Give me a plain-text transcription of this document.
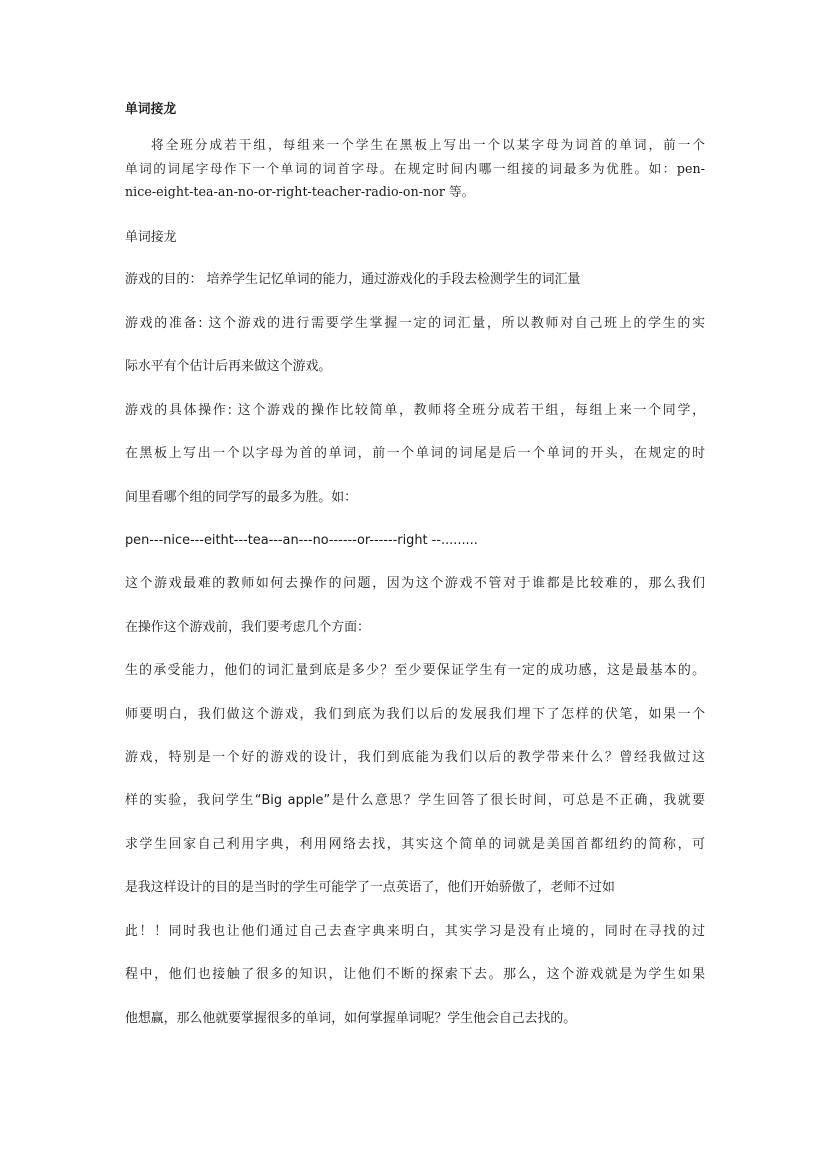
单词接龙
将全班分成若干组，每组来一个学生在黑板上写出一个以某字母为词首的单词，前一个
单词的词尾字母作下一个单词的词首字母。在规定时间内哪一组接的词最多为优胜。如：pen-
nice-eight-tea-an-no-or-right-teacher-radio-on-nor 等。
单词接龙
游戏的目的： 培养学生记忆单词的能力，通过游戏化的手段去检测学生的词汇量
游戏的准备: 这个游戏的进行需要学生掌握一定的词汇量，所以教师对自己班上的学生的实
际水平有个估计后再来做这个游戏。
游戏的具体操作: 这个游戏的操作比较简单，教师将全班分成若干组，每组上来一个同学，
在黑板上写出一个以字母为首的单词，前一个单词的词尾是后一个单词的开头，在规定的时
间里看哪个组的同学写的最多为胜。如：
pen---nice---eitht---tea---an---no------or------right --.........
这个游戏最难的教师如何去操作的问题，因为这个游戏不管对于谁都是比较难的，那么我们
在操作这个游戏前，我们要考虑几个方面：
生的承受能力，他们的词汇量到底是多少？至少要保证学生有一定的成功感，这是最基本的。
师要明白，我们做这个游戏，我们到底为我们以后的发展我们埋下了怎样的伏笔，如果一个
游戏，特别是一个好的游戏的设计，我们到底能为我们以后的教学带来什么？曾经我做过这
样的实验，我问学生“Big apple”是什么意思？学生回答了很长时间，可总是不正确，我就要
求学生回家自己利用字典，利用网络去找，其实这个简单的词就是美国首都纽约的简称，可
是我这样设计的目的是当时的学生可能学了一点英语了，他们开始骄傲了，老师不过如
此！！同时我也让他们通过自己去查字典来明白，其实学习是没有止境的，同时在寻找的过
程中，他们也接触了很多的知识，让他们不断的探索下去。那么，这个游戏就是为学生如果
他想赢，那么他就要掌握很多的单词，如何掌握单词呢？学生他会自己去找的。
